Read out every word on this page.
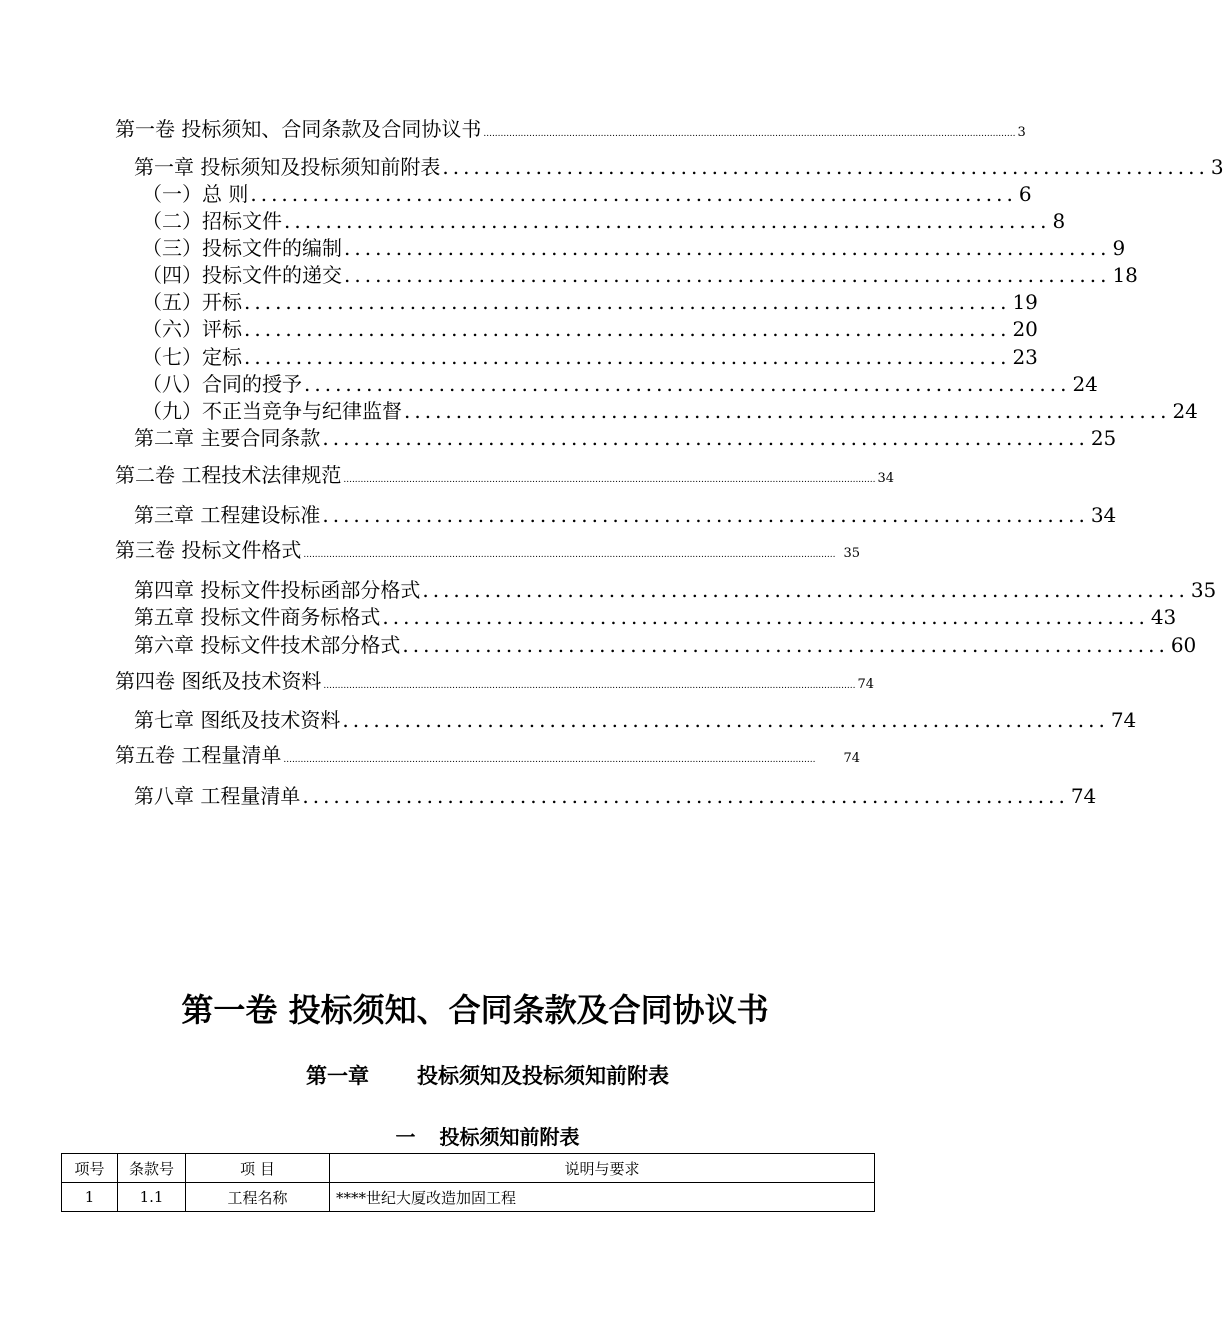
第一卷 投标须知、合同条款及合同协议书 .......................................................................................................................................................................................... 3
第一章 投标须知及投标须知前附表 .......................................................................... 3
（一）总 则 .......................................................................... 6
（二）招标文件 .......................................................................... 8
（三）投标文件的编制 .......................................................................... 9
（四）投标文件的递交 .......................................................................... 18
（五）开标 .......................................................................... 19
（六）评标 .......................................................................... 20
（七）定标 .......................................................................... 23
（八）合同的授予 .......................................................................... 24
（九）不正当竞争与纪律监督 .......................................................................... 24
第二章 主要合同条款 .......................................................................... 25
第二卷 工程技术法律规范 .......................................................................................................................................................................................... 34
第三章 工程建设标准 .......................................................................... 34
第三卷 投标文件格式 .......................................................................................................................................................................................... 35
第四章 投标文件投标函部分格式 .......................................................................... 35
第五章 投标文件商务标格式 .......................................................................... 43
第六章 投标文件技术部分格式 .......................................................................... 60
第四卷 图纸及技术资料 .......................................................................................................................................................................................... 74
第七章 图纸及技术资料 .......................................................................... 74
第五卷 工程量清单 ..........................................................................................................................................................................................	74
第八章 工程量清单 .......................................................................... 74
第一卷 投标须知、合同条款及合同协议书
第一章 投标须知及投标须知前附表
一 投标须知前附表
项号	条款号	项 目	说明与要求
1	1.1	工程名称	****世纪大厦改造加固工程
